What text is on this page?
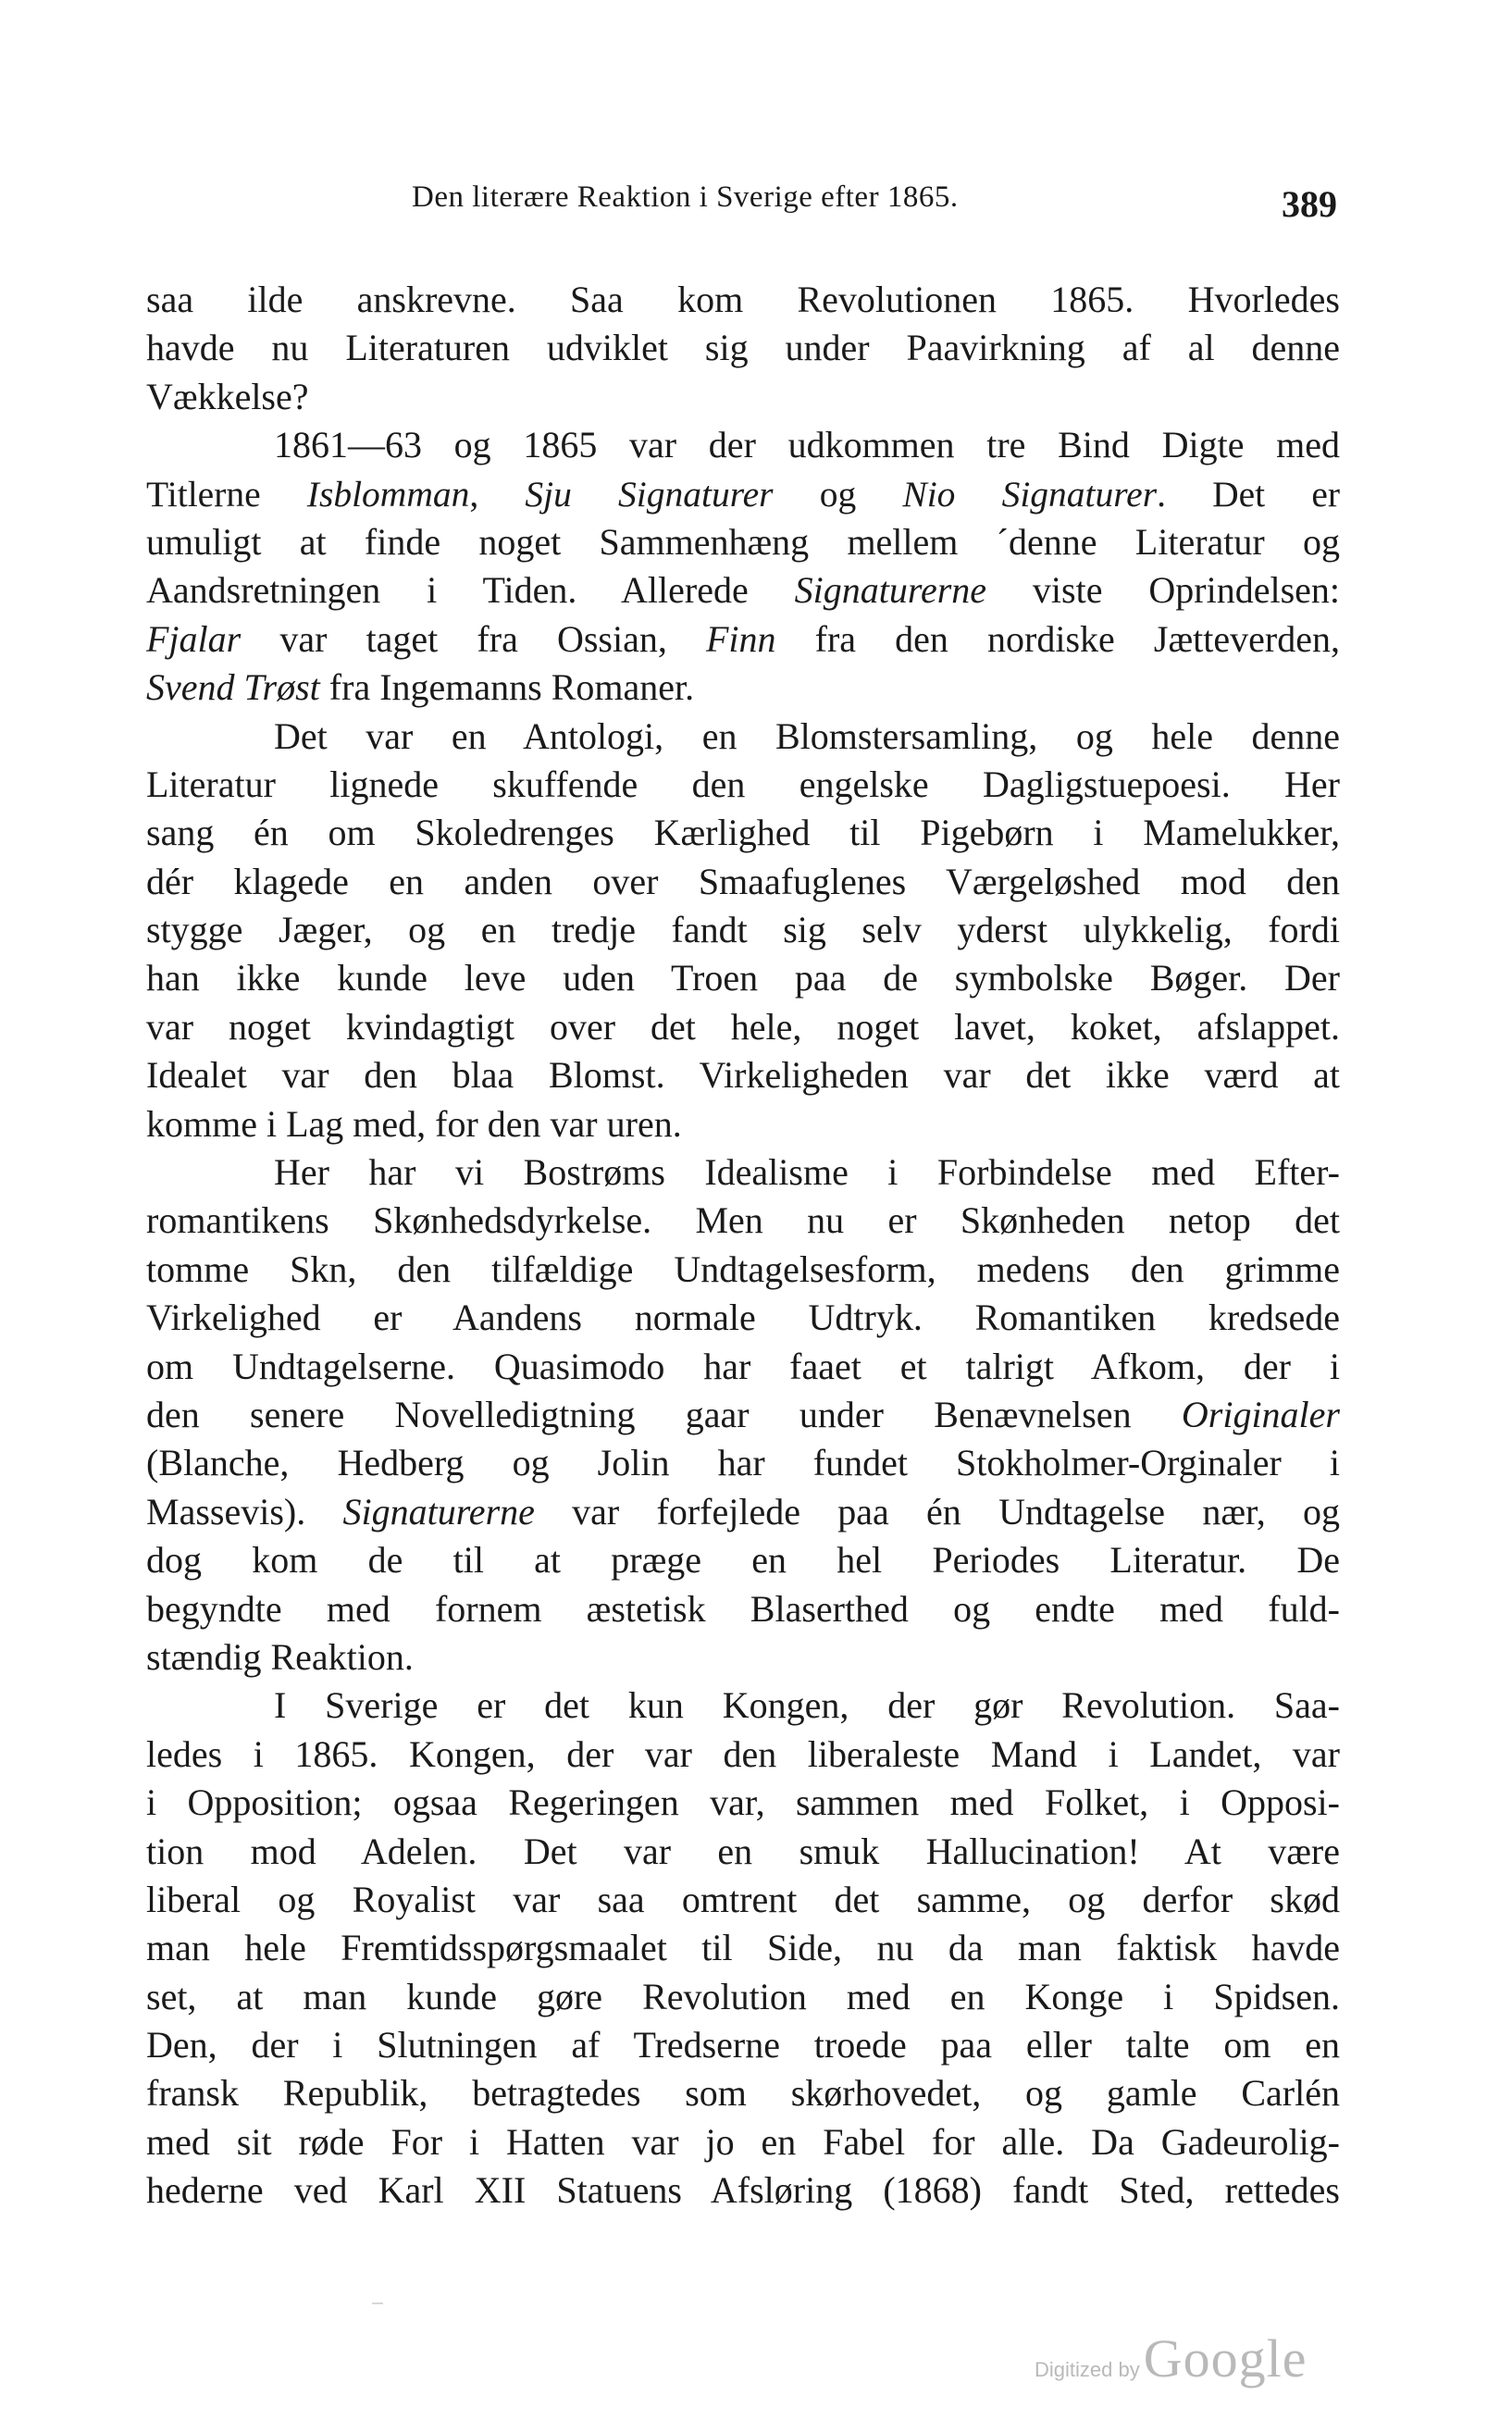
Den literære Reaktion i Sverige efter 1865.	389
saa ilde anskrevne. Saa kom Revolutionen 1865. Hvorledes
havde nu Literaturen udviklet sig under Paavirkning af al denne
Vækkelse?
1861—63 og 1865 var der udkommen tre Bind Digte med
Titlerne Isblomman, Sju Signaturer og Nio Signaturer. Det er
umuligt at finde noget Sammenhæng mellem ´denne Literatur og
Aandsretningen i Tiden. Allerede Signaturerne viste Oprindelsen:
Fjalar var taget fra Ossian, Finn fra den nordiske Jætteverden,
Svend Trøst fra Ingemanns Romaner.
Det var en Antologi, en Blomstersamling, og hele denne
Literatur lignede skuffende den engelske Dagligstuepoesi. Her
sang én om Skoledrenges Kærlighed til Pigebørn i Mamelukker,
dér klagede en anden over Smaafuglenes Værgeløshed mod den
stygge Jæger, og en tredje fandt sig selv yderst ulykkelig, fordi
han ikke kunde leve uden Troen paa de symbolske Bøger. Der
var noget kvindagtigt over det hele, noget lavet, koket, afslappet.
Idealet var den blaa Blomst. Virkeligheden var det ikke værd at
komme i Lag med, for den var uren.
Her har vi Bostrøms Idealisme i Forbindelse med Efter-
romantikens Skønhedsdyrkelse. Men nu er Skønheden netop det
tomme Skn, den tilfældige Undtagelsesform, medens den grimme
Virkelighed er Aandens normale Udtryk. Romantiken kredsede
om Undtagelserne. Quasimodo har faaet et talrigt Afkom, der i
den senere Novelledigtning gaar under Benævnelsen Originaler
(Blanche, Hedberg og Jolin har fundet Stokholmer-Orginaler i
Massevis). Signaturerne var forfejlede paa én Undtagelse nær, og
dog kom de til at præge en hel Periodes Literatur. De
begyndte med fornem æstetisk Blaserthed og endte med fuld-
stændig Reaktion.
I Sverige er det kun Kongen, der gør Revolution. Saa-
ledes i 1865. Kongen, der var den liberaleste Mand i Landet, var
i Opposition; ogsaa Regeringen var, sammen med Folket, i Opposi-
tion mod Adelen. Det var en smuk Hallucination! At være
liberal og Royalist var saa omtrent det samme, og derfor skød
man hele Fremtidsspørgsmaalet til Side, nu da man faktisk havde
set, at man kunde gøre Revolution med en Konge i Spidsen.
Den, der i Slutningen af Tredserne troede paa eller talte om en
fransk Republik, betragtedes som skørhovedet, og gamle Carlén
med sit røde For i Hatten var jo en Fabel for alle. Da Gadeurolig-
hederne ved Karl XII Statuens Afsløring (1868) fandt Sted, rettedes
Digitized by Google
